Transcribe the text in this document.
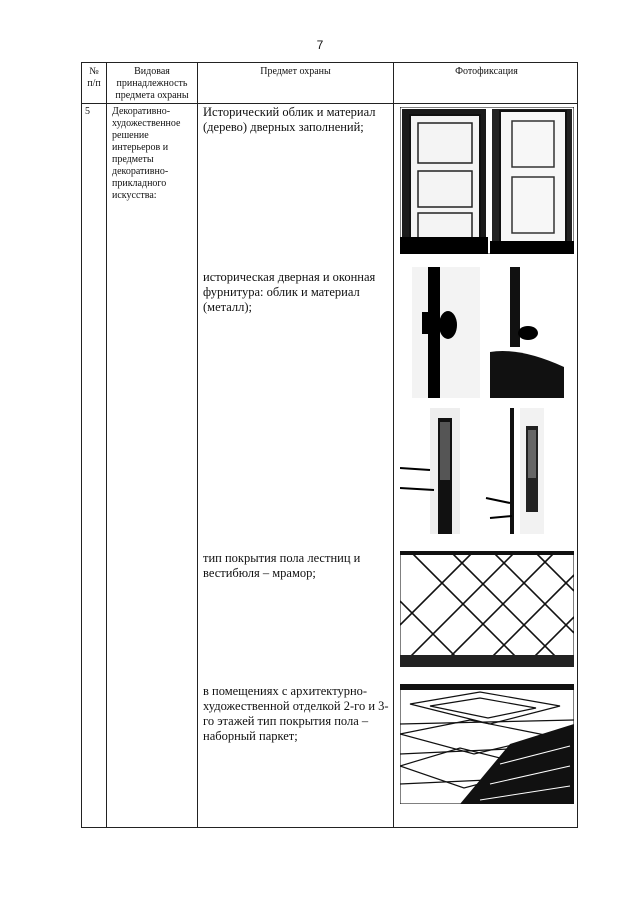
7
№
п/п
Видовая
принадлежность
предмета охраны
Предмет охраны	Фотофиксация
5 Декоративно-
художественное
решение
интерьеров и
предметы
декоративно-
прикладного
искусства:
Исторический облик и материал (дерево) дверных заполнений;
историческая дверная и оконная фурнитура: облик и материал (металл);
тип покрытия пола лестниц и вестибюля – мрамор;
в помещениях с архитектурно-художественной отделкой 2-го и 3-го этажей тип покрытия пола – наборный паркет;
